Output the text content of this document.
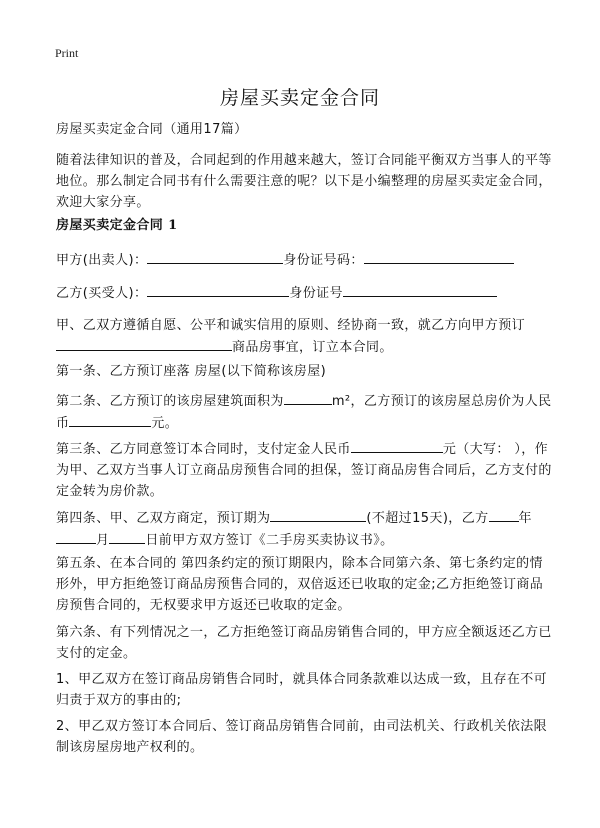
Print
房屋买卖定金合同

房屋买卖定金合同（通用17篇）

随着法律知识的普及，合同起到的作用越来越大，签订合同能平衡双方当事人的平等地位。那么制定合同书有什么需要注意的呢？以下是小编整理的房屋买卖定金合同，欢迎大家分享。

房屋买卖定金合同 1

甲方(出卖人)：	身份证号码：

乙方(买受人)：	身份证号

甲、乙双方遵循自愿、公平和诚实信用的原则、经协商一致，就乙方向甲方预订
商品房事宜，订立本合同。

第一条、乙方预订座落 房屋(以下简称该房屋)

第二条、乙方预订的该房屋建筑面积为	m²，乙方预订的该房屋总房价为人民币	元。

第三条、乙方同意签订本合同时，支付定金人民币	元（大写： ），作为甲、乙双方当事人订立商品房预售合同的担保，签订商品房售合同后，乙方支付的定金转为房价款。

第四条、甲、乙双方商定，预订期为	(不超过15天)，乙方 年
月	日前甲方双方签订《二手房买卖协议书》。

第五条、在本合同的 第四条约定的预订期限内，除本合同第六条、第七条约定的情形外，甲方拒绝签订商品房预售合同的，双倍返还已收取的定金;乙方拒绝签订商品房预售合同的，无权要求甲方返还已收取的定金。

第六条、有下列情况之一，乙方拒绝签订商品房销售合同的，甲方应全额返还乙方已支付的定金。

1、甲乙双方在签订商品房销售合同时，就具体合同条款难以达成一致，且存在不可归责于双方的事由的;

2、甲乙双方签订本合同后、签订商品房销售合同前，由司法机关、行政机关依法限制该房屋房地产权利的。
